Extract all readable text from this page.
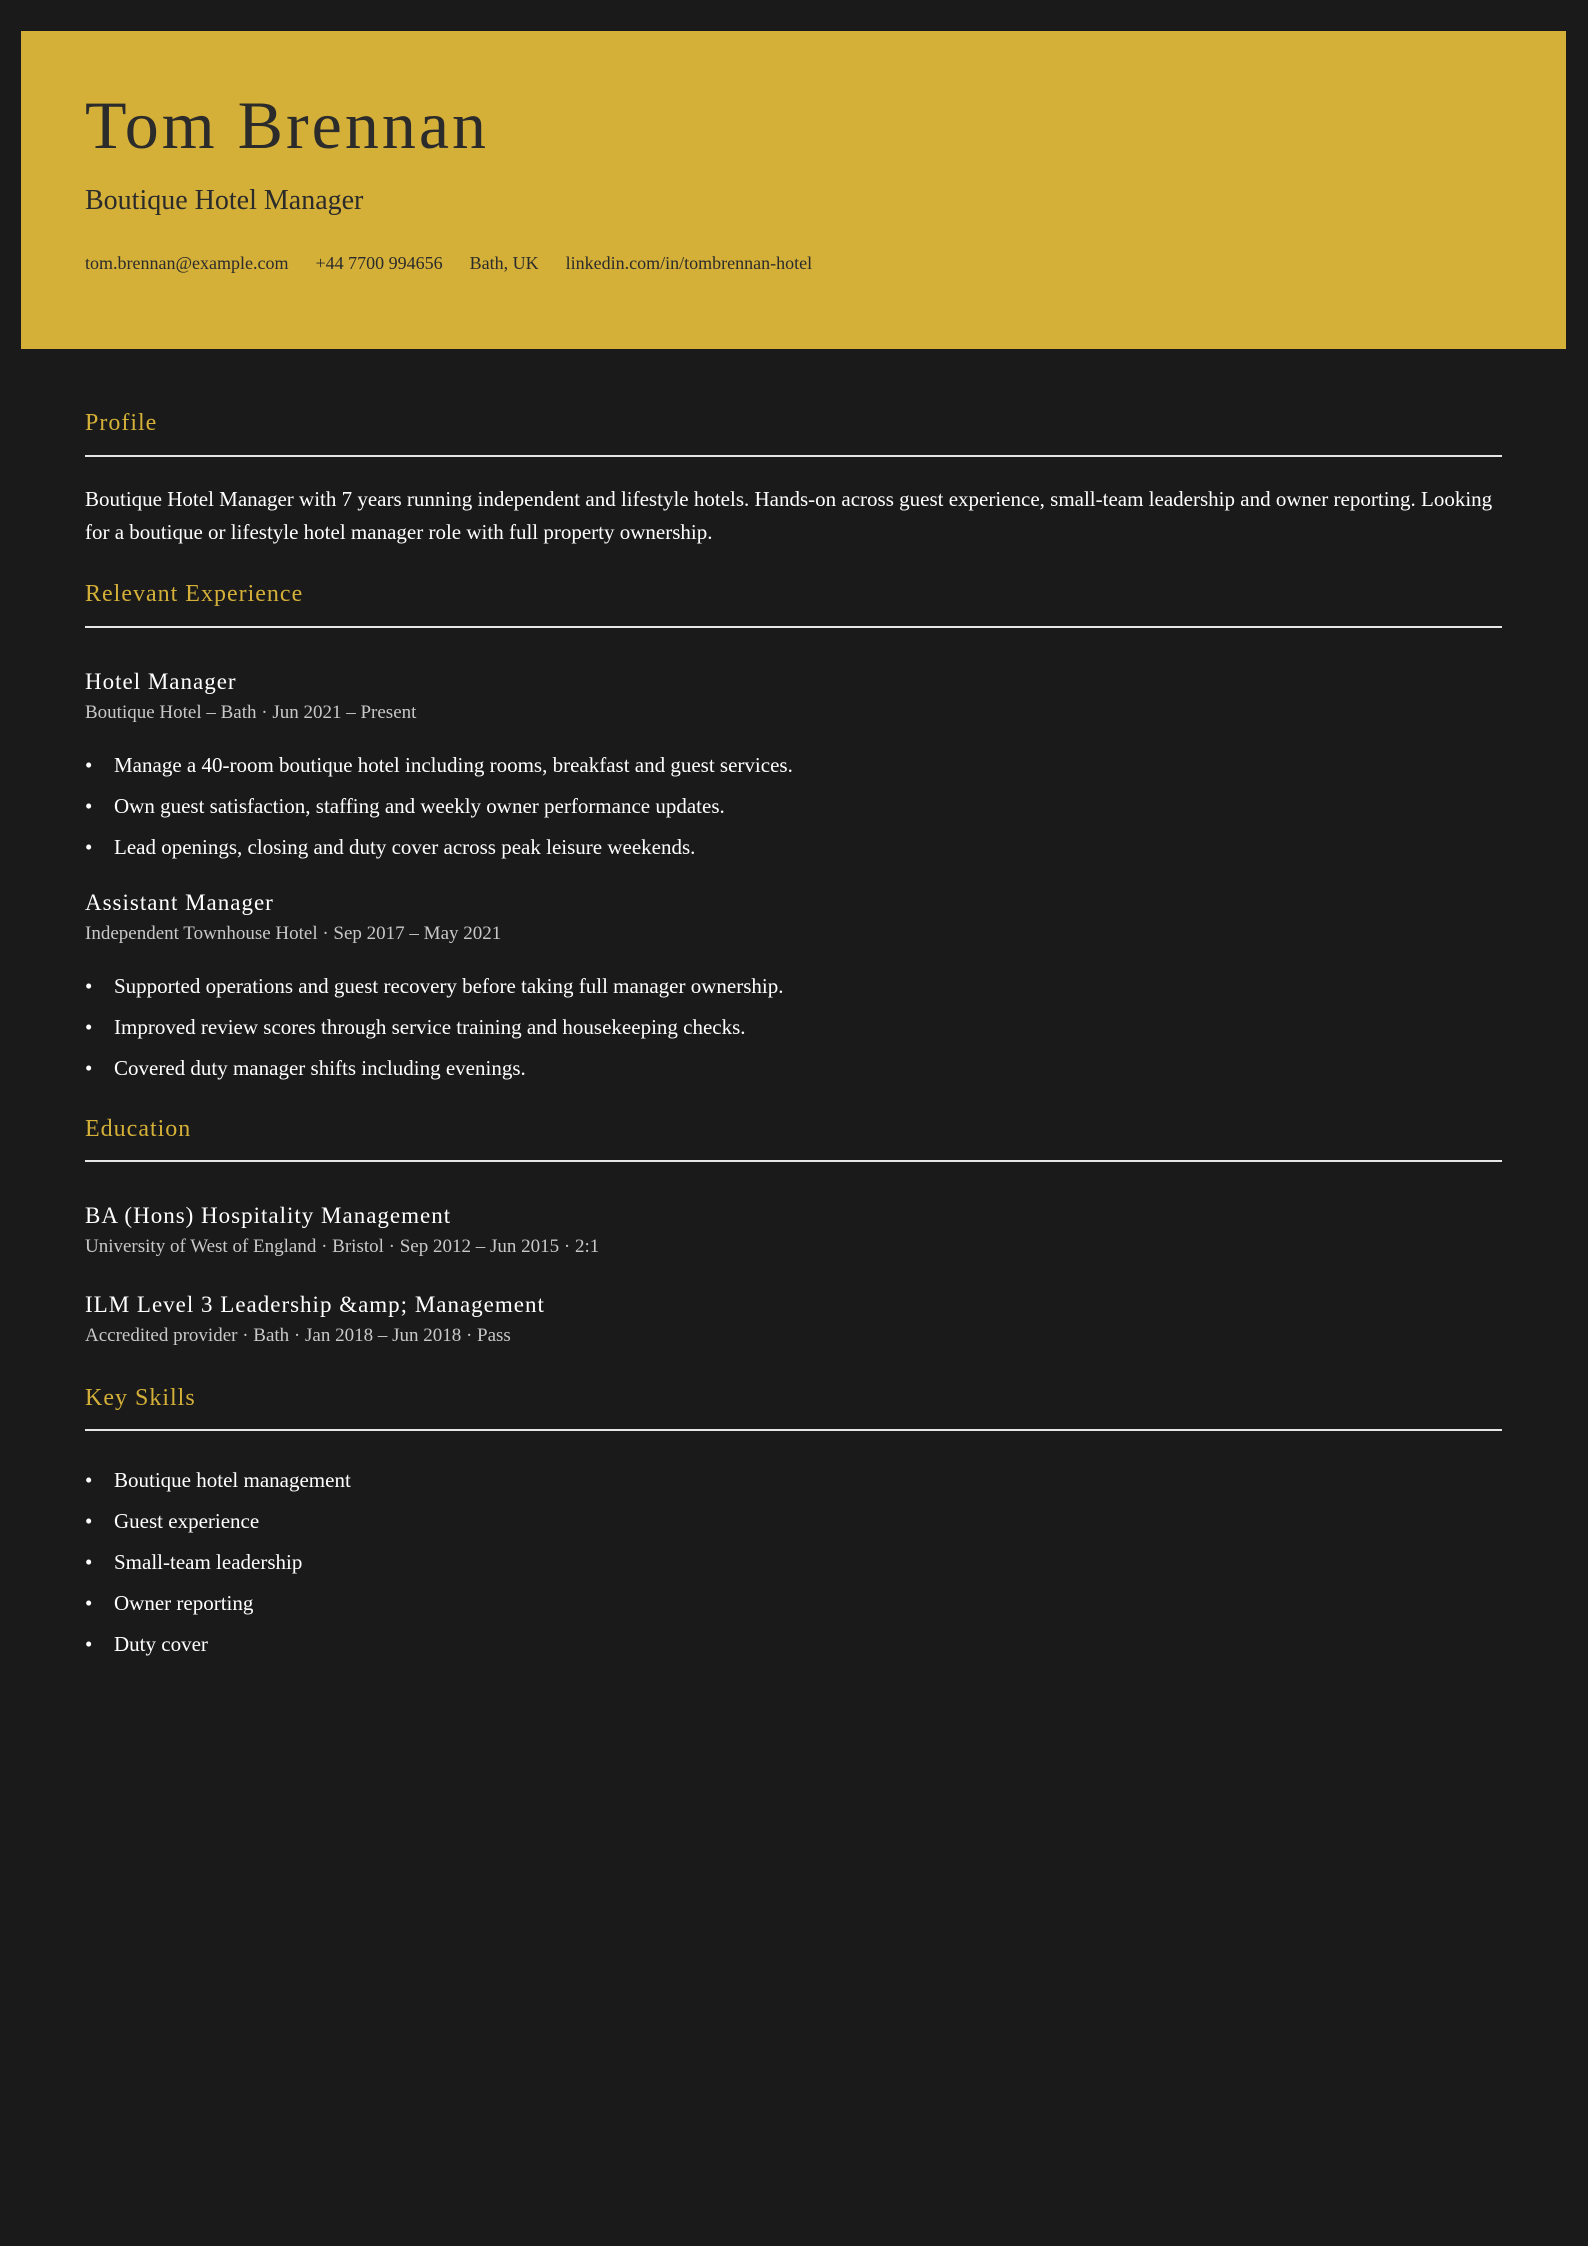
Tom Brennan
Boutique Hotel Manager
tom.brennan@example.com +44 7700 994656 Bath, UK linkedin.com/in/tombrennan-hotel
Profile

Boutique Hotel Manager with 7 years running independent and lifestyle hotels. Hands-on across guest experience, small-team leadership and owner reporting. Looking for a boutique or lifestyle hotel manager role with full property ownership.

Relevant Experience
Hotel Manager
Boutique Hotel – Bath · Jun 2021 – Present
• Manage a 40-room boutique hotel including rooms, breakfast and guest services.
• Own guest satisfaction, staffing and weekly owner performance updates.
• Lead openings, closing and duty cover across peak leisure weekends.
Assistant Manager
Independent Townhouse Hotel · Sep 2017 – May 2021
• Supported operations and guest recovery before taking full manager ownership.
• Improved review scores through service training and housekeeping checks.
• Covered duty manager shifts including evenings.
Education
BA (Hons) Hospitality Management
University of West of England · Bristol · Sep 2012 – Jun 2015 · 2:1
ILM Level 3 Leadership &amp; Management
Accredited provider · Bath · Jan 2018 – Jun 2018 · Pass
Key Skills
• Boutique hotel management
• Guest experience
• Small-team leadership
• Owner reporting
• Duty cover
